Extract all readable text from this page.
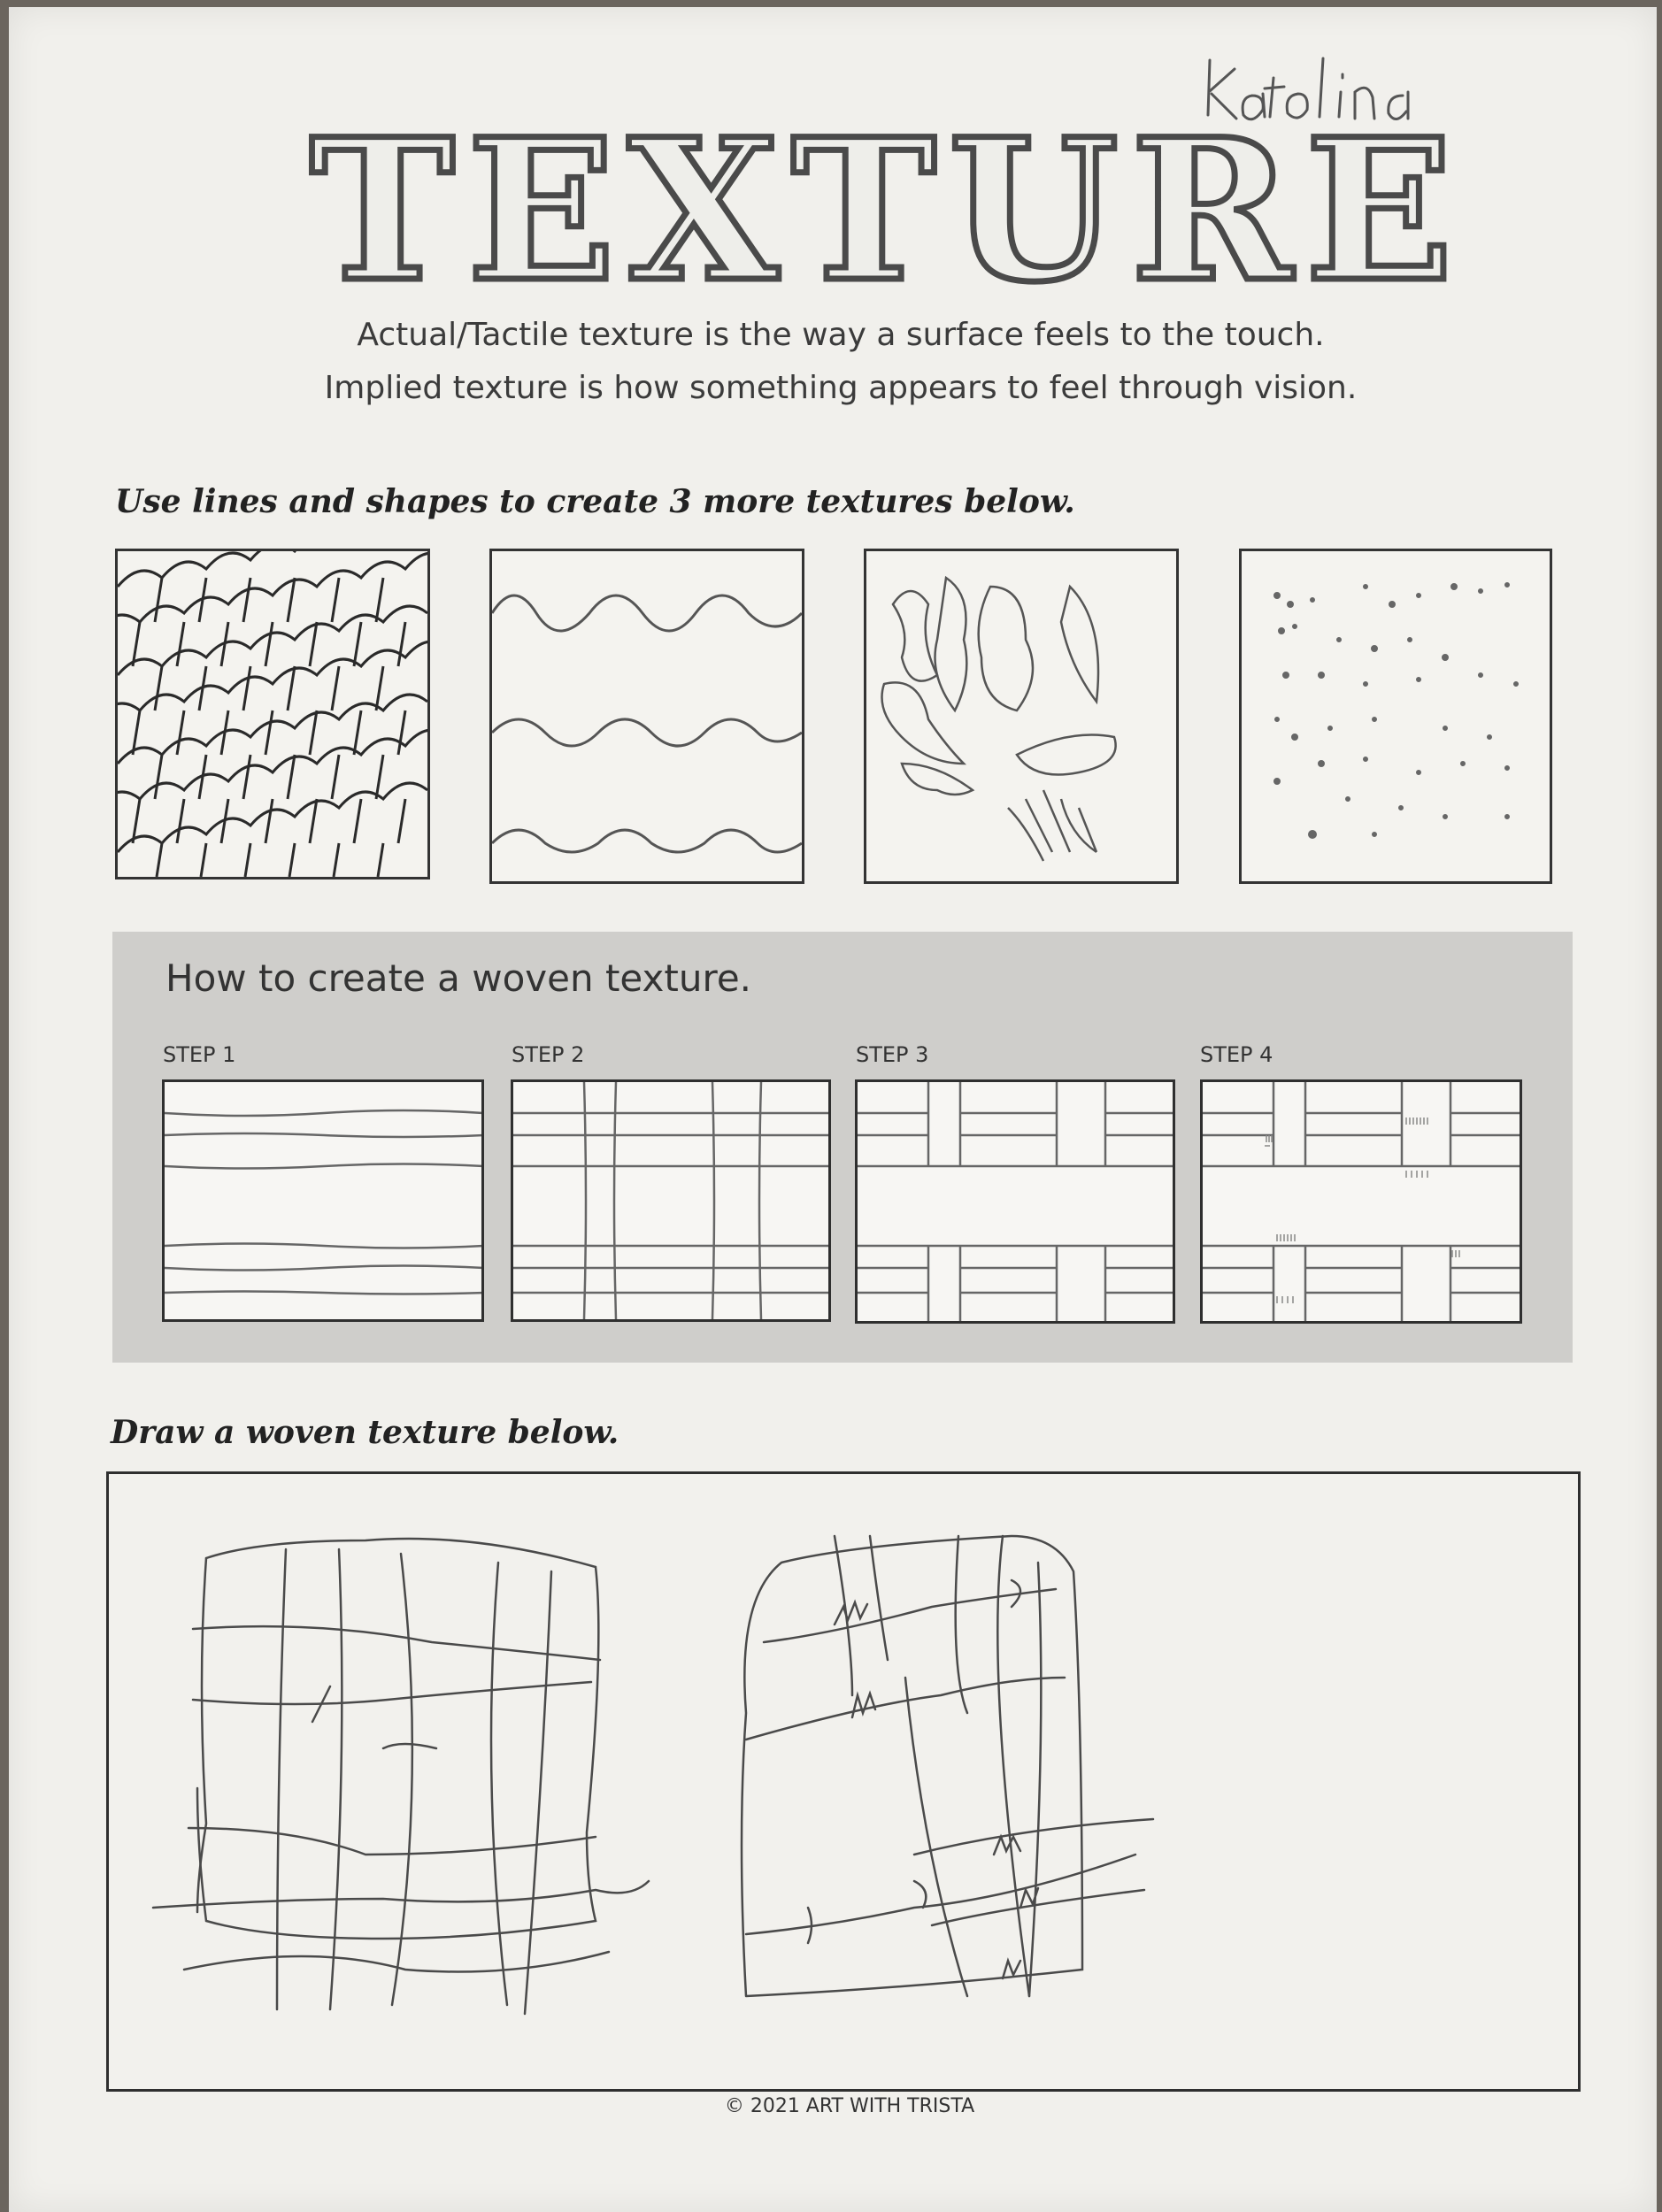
TEXTURE
Actual/Tactile texture is the way a surface feels to the touch.
Implied texture is how something appears to feel through vision.
Use lines and shapes to create 3 more textures below.
How to create a woven texture.
STEP 1	STEP 2	STEP 3	STEP 4
Draw a woven texture below.
© 2021 ART WITH TRISTA
